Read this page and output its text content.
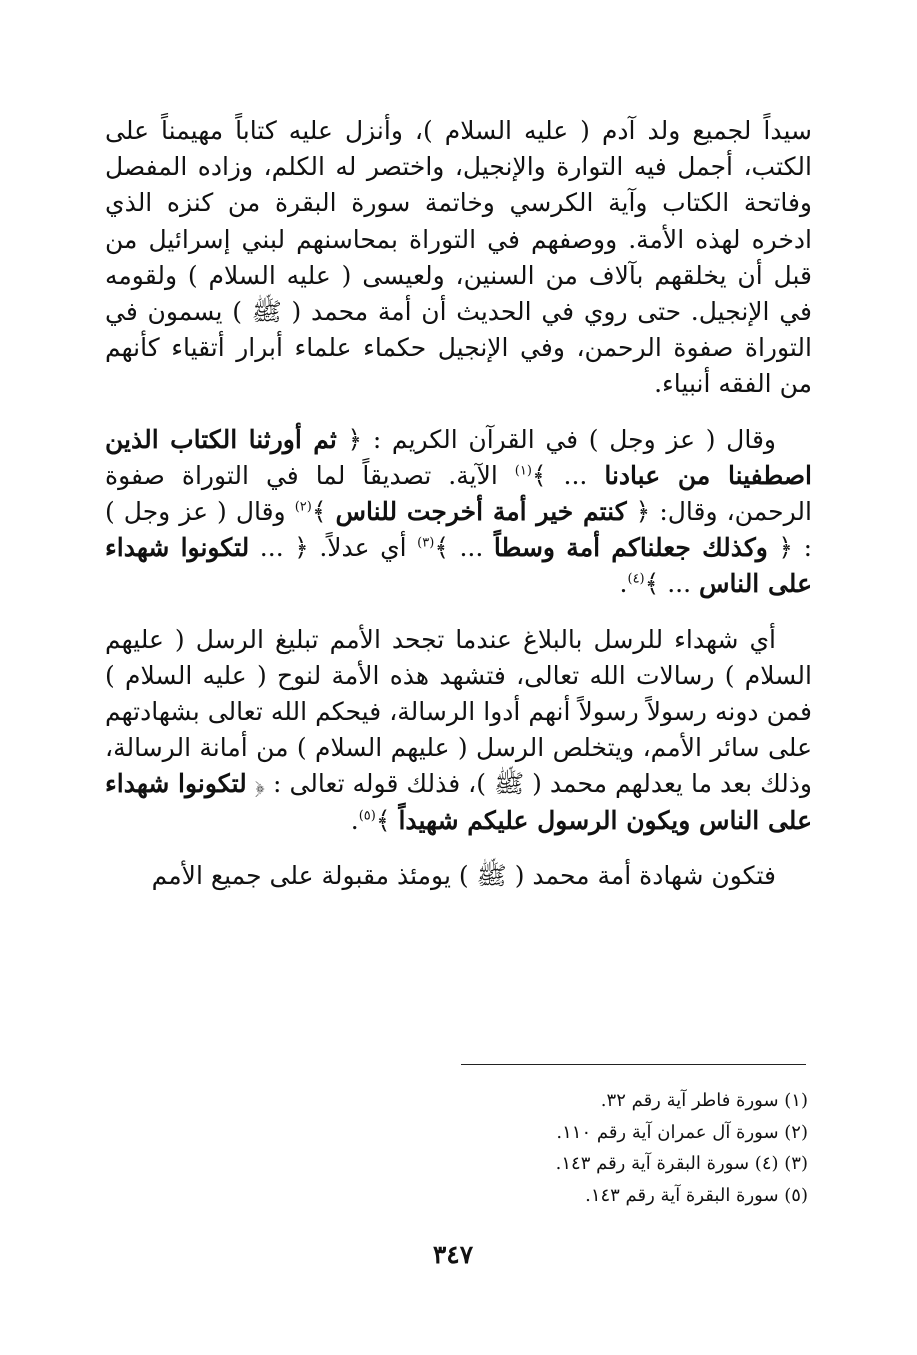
سيداً لجميع ولد آدم ( عليه السلام )، وأنزل عليه كتاباً مهيمناً على الكتب، أجمل فيه التوارة والإنجيل، واختصر له الكلم، وزاده المفصل وفاتحة الكتاب وآية الكرسي وخاتمة سورة البقرة من كنزه الذي ادخره لهذه الأمة. ووصفهم في التوراة بمحاسنهم لبني إسرائيل من قبل أن يخلقهم بآلاف من السنين، ولعيسى ( عليه السلام ) ولقومه في الإنجيل. حتى روي في الحديث أن أمة محمد ( ﷺ ) يسمون في التوراة صفوة الرحمن، وفي الإنجيل حكماء علماء أبرار أتقياء كأنهم من الفقه أنبياء.

وقال ( عز وجل ) في القرآن الكريم : ﴿ ثم أورثنا الكتاب الذين اصطفينا من عبادنا ... ﴾$^{(١)}$ الآية. تصديقاً لما في التوراة صفوة الرحمن، وقال: ﴿ كنتم خير أمة أخرجت للناس ﴾$^{(٢)}$ وقال ( عز وجل ) : ﴿ وكذلك جعلناكم أمة وسطاً ... ﴾$^{(٣)}$ أي عدلاً. ﴿ ... لتكونوا شهداء على الناس ... ﴾$^{(٤)}$.

أي شهداء للرسل بالبلاغ عندما تجحد الأمم تبليغ الرسل ( عليهم السلام ) رسالات الله تعالى، فتشهد هذه الأمة لنوح ( عليه السلام ) فمن دونه رسولاً رسولاً أنهم أدوا الرسالة، فيحكم الله تعالى بشهادتهم على سائر الأمم، ويتخلص الرسل ( عليهم السلام ) من أمانة الرسالة، وذلك بعد ما يعدلهم محمد ( ﷺ )، فذلك قوله تعالى : ﴿ لتكونوا شهداء على الناس ويكون الرسول عليكم شهيداً ﴾$^{(٥)}$.

فتكون شهادة أمة محمد ( ﷺ ) يومئذ مقبولة على جميع الأمم

(١) سورة فاطر آية رقم ٣٢.
(٢) سورة آل عمران آية رقم ١١٠.
(٣) (٤) سورة البقرة آية رقم ١٤٣.
(٥) سورة البقرة آية رقم ١٤٣.
٣٤٧
